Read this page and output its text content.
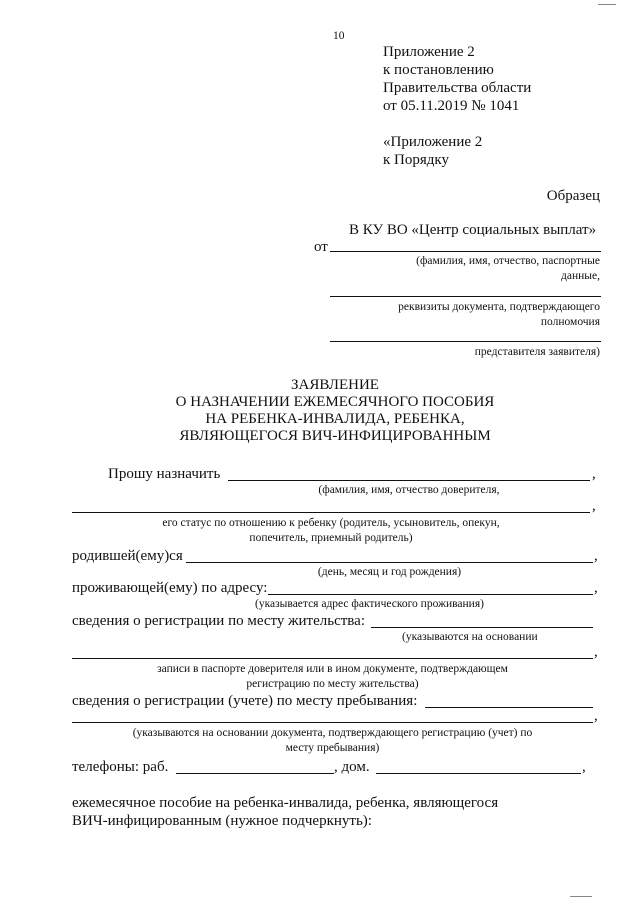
10
Приложение 2
к постановлению
Правительства области
от 05.11.2019 № 1041
«Приложение 2
к Порядку
Образец
В КУ ВО «Центр социальных выплат»
от
(фамилия, имя, отчество, паспортные
данные,
реквизиты документа, подтверждающего
полномочия
представителя заявителя)
ЗАЯВЛЕНИЕ
О НАЗНАЧЕНИИ ЕЖЕМЕСЯЧНОГО ПОСОБИЯ
НА РЕБЕНКА-ИНВАЛИДА, РЕБЕНКА,
ЯВЛЯЮЩЕГОСЯ ВИЧ-ИНФИЦИРОВАННЫМ
Прошу назначить	,
(фамилия, имя, отчество доверителя,
,
его статус по отношению к ребенку (родитель, усыновитель, опекун,
попечитель, приемный родитель)
родившей(ему)ся	,
(день, месяц и год рождения)
проживающей(ему) по адресу:	,
(указывается адрес фактического проживания)
сведения о регистрации по месту жительства:
(указываются на основании
,
записи в паспорте доверителя или в ином документе, подтверждающем
регистрацию по месту жительства)
сведения о регистрации (учете) по месту пребывания:
,
(указываются на основании документа, подтверждающего регистрацию (учет) по
месту пребывания)
телефоны: раб.	, дом.	,
ежемесячное пособие на ребенка-инвалида, ребенка, являющегося
ВИЧ-инфицированным (нужное подчеркнуть):
